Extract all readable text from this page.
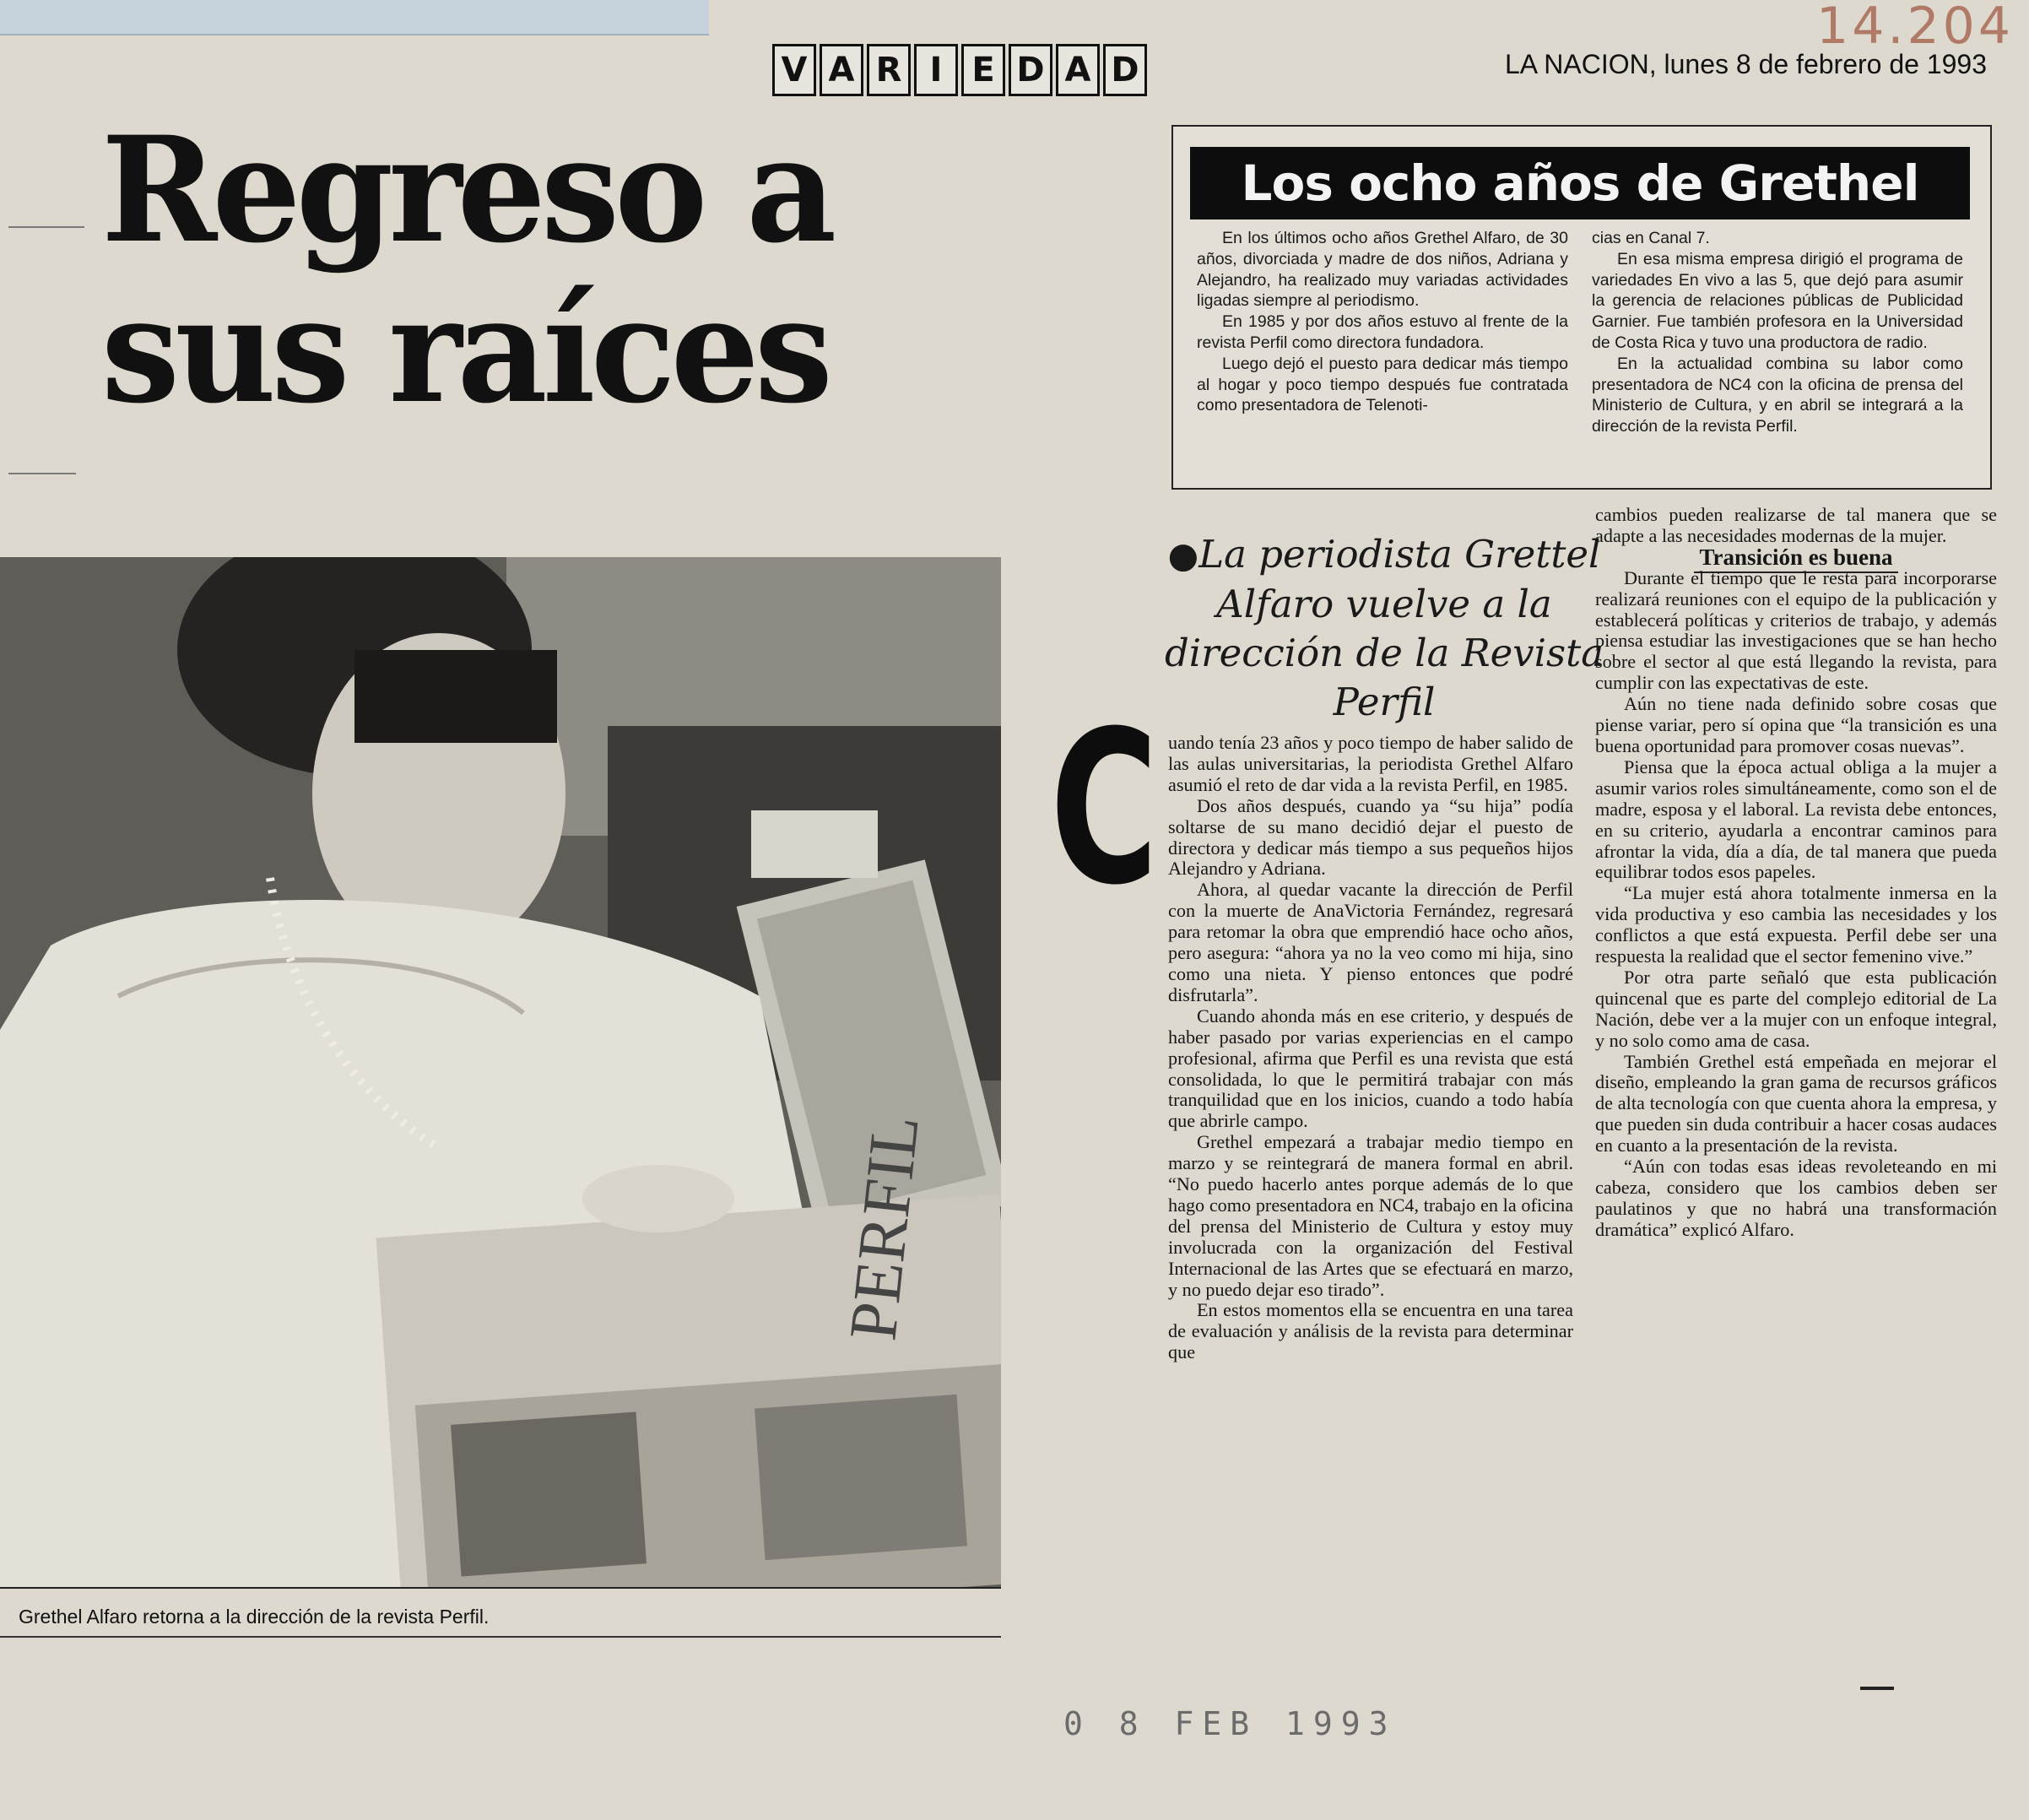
14.204
V A R I E D A D	LA NACION, lunes 8 de febrero de 1993
Regreso a
sus raíces
Los ocho años de Grethel

En los últimos ocho años Grethel Alfaro, de 30 años, divorciada y madre de dos niños, Adriana y Alejandro, ha realizado muy variadas actividades ligadas siempre al periodismo.

En 1985 y por dos años estuvo al frente de la revista Perfil como directora fundadora.

Luego dejó el puesto para dedicar más tiempo al hogar y poco tiempo después fue contratada como presentadora de Telenoti-

cias en Canal 7.

En esa misma empresa dirigió el programa de variedades En vivo a las 5, que dejó para asumir la gerencia de relaciones públicas de Publicidad Garnier. Fue también profesora en la Universidad de Costa Rica y tuvo una productora de radio.

En la actualidad combina su labor como presentadora de NC4 con la oficina de prensa del Ministerio de Cultura, y en abril se integrará a la dirección de la revista Perfil.

PERFIL
Grethel Alfaro retorna a la dirección de la revista Perfil.
●La periodista Grettel Alfaro vuelve a la dirección de la Revista Perfil
C uando tenía 23 años y poco tiempo de haber salido de las aulas universitarias, la periodista Grethel Alfaro asumió el reto de dar vida a la revista Perfil, en 1985.

Dos años después, cuando ya “su hija” podía soltarse de su mano decidió dejar el puesto de directora y dedicar más tiempo a sus pequeños hijos Alejandro y Adriana.

Ahora, al quedar vacante la dirección de Perfil con la muerte de AnaVictoria Fernández, regresará para retomar la obra que emprendió hace ocho años, pero asegura: “ahora ya no la veo como mi hija, sino como una nieta. Y pienso entonces que podré disfrutarla”.

Cuando ahonda más en ese criterio, y después de haber pasado por varias experiencias en el campo profesional, afirma que Perfil es una revista que está consolidada, lo que le permitirá trabajar con más tranquilidad que en los inicios, cuando a todo había que abrirle campo.

Grethel empezará a trabajar medio tiempo en marzo y se reintegrará de manera formal en abril. “No puedo hacerlo antes porque además de lo que hago como presentadora en NC4, trabajo en la oficina del prensa del Ministerio de Cultura y estoy muy involucrada con la organización del Festival Internacional de las Artes que se efectuará en marzo, y no puedo dejar eso tirado”.

En estos momentos ella se encuentra en una tarea de evaluación y análisis de la revista para determinar que

cambios pueden realizarse de tal manera que se adapte a las necesidades modernas de la mujer.

Transición es buena

Durante el tiempo que le resta para incorporarse realizará reuniones con el equipo de la publicación y establecerá políticas y criterios de trabajo, y además piensa estudiar las investigaciones que se han hecho sobre el sector al que está llegando la revista, para cumplir con las expectativas de este.

Aún no tiene nada definido sobre cosas que piense variar, pero sí opina que “la transición es una buena oportunidad para promover cosas nuevas”.

Piensa que la época actual obliga a la mujer a asumir varios roles simultáneamente, como son el de madre, esposa y el laboral. La revista debe entonces, en su criterio, ayudarla a encontrar caminos para afrontar la vida, día a día, de tal manera que pueda equilibrar todos esos papeles.

“La mujer está ahora totalmente inmersa en la vida productiva y eso cambia las necesidades y los conflictos a que está expuesta. Perfil debe ser una respuesta la realidad que el sector femenino vive.”

Por otra parte señaló que esta publicación quincenal que es parte del complejo editorial de La Nación, debe ver a la mujer con un enfoque integral, y no solo como ama de casa.

También Grethel está empeñada en mejorar el diseño, empleando la gran gama de recursos gráficos de alta tecnología con que cuenta ahora la empresa, y que pueden sin duda contribuir a hacer cosas audaces en cuanto a la presentación de la revista.

“Aún con todas esas ideas revoleteando en mi cabeza, considero que los cambios deben ser paulatinos y que no habrá una transformación dramática” explicó Alfaro.

0 8 FEB 1993
